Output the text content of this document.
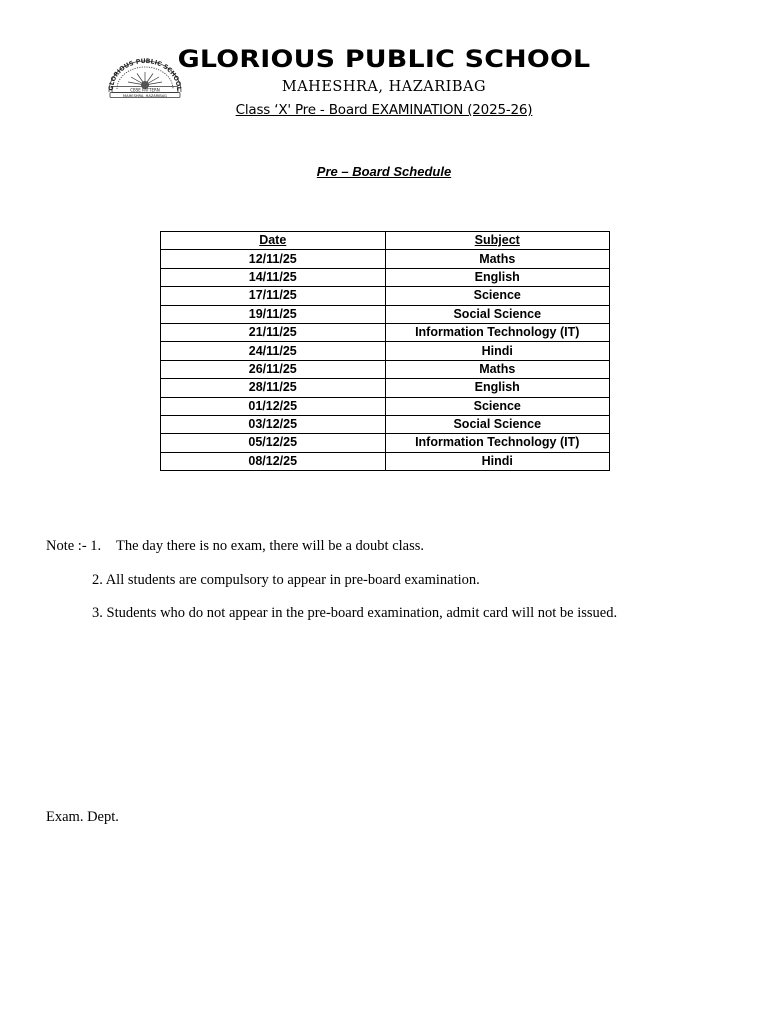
GLORIOUS PUBLIC SCHOOL
CBSE PATTERN
MAHESHRA, HAZARIBAG
GLORIOUS PUBLIC SCHOOL

MAHESHRA, HAZARIBAG

Class ‘X' Pre - Board EXAMINATION (2025-26)

Pre – Board Schedule

Date	Subject
12/11/25	Maths
14/11/25	English
17/11/25	Science
19/11/25	Social Science
21/11/25	Information Technology (IT)
24/11/25	Hindi
26/11/25	Maths
28/11/25	English
01/12/25	Science
03/12/25	Social Science
05/12/25	Information Technology (IT)
08/12/25	Hindi

Note :- 1. The day there is no exam, there will be a doubt class.

2. All students are compulsory to appear in pre-board examination.

3. Students who do not appear in the pre-board examination, admit card will not be issued.

Exam. Dept.
